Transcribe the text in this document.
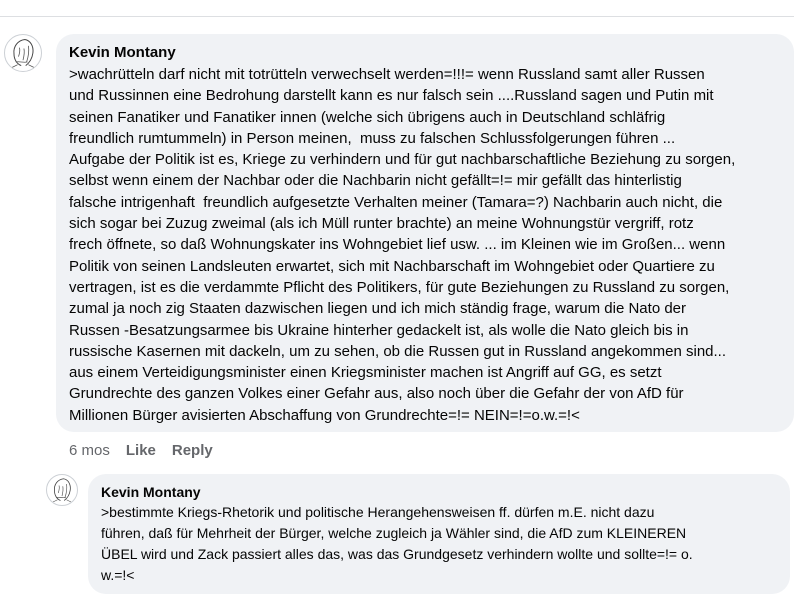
Kevin Montany
>wachrütteln darf nicht mit totrütteln verwechselt werden=!!!= wenn Russland samt aller Russen
und Russinnen eine Bedrohung darstellt kann es nur falsch sein ....Russland sagen und Putin mit
seinen Fanatiker und Fanatiker innen (welche sich übrigens auch in Deutschland schläfrig
freundlich rumtummeln) in Person meinen,  muss zu falschen Schlussfolgerungen führen ...
Aufgabe der Politik ist es, Kriege zu verhindern und für gut nachbarschaftliche Beziehung zu sorgen,
selbst wenn einem der Nachbar oder die Nachbarin nicht gefällt=!= mir gefällt das hinterlistig
falsche intrigenhaft  freundlich aufgesetzte Verhalten meiner (Tamara=?) Nachbarin auch nicht, die
sich sogar bei Zuzug zweimal (als ich Müll runter brachte) an meine Wohnungstür vergriff, rotz
frech öffnete, so daß Wohnungskater ins Wohngebiet lief usw. ... im Kleinen wie im Großen... wenn
Politik von seinen Landsleuten erwartet, sich mit Nachbarschaft im Wohngebiet oder Quartiere zu
vertragen, ist es die verdammte Pflicht des Politikers, für gute Beziehungen zu Russland zu sorgen,
zumal ja noch zig Staaten dazwischen liegen und ich mich ständig frage, warum die Nato der
Russen -Besatzungsarmee bis Ukraine hinterher gedackelt ist, als wolle die Nato gleich bis in
russische Kasernen mit dackeln, um zu sehen, ob die Russen gut in Russland angekommen sind...
aus einem Verteidigungsminister einen Kriegsminister machen ist Angriff auf GG, es setzt
Grundrechte des ganzen Volkes einer Gefahr aus, also noch über die Gefahr der von AfD für
Millionen Bürger avisierten Abschaffung von Grundrechte=!= NEIN=!=o.w.=!<
6 mos Like Reply
Kevin Montany
>bestimmte Kriegs-Rhetorik und politische Herangehensweisen ff. dürfen m.E. nicht dazu
führen, daß für Mehrheit der Bürger, welche zugleich ja Wähler sind, die AfD zum KLEINEREN
ÜBEL wird und Zack passiert alles das, was das Grundgesetz verhindern wollte und sollte=!= o.
w.=!<
